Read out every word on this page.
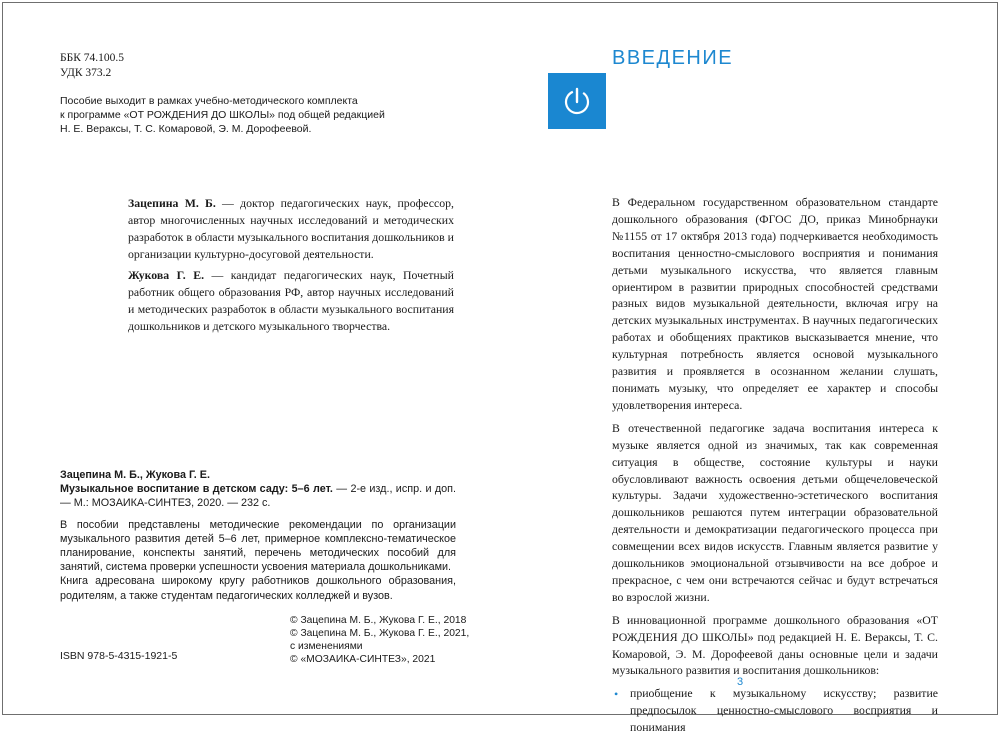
ББК 74.100.5
УДК 373.2
Пособие выходит в рамках учебно-методического комплекта
к программе «ОТ РОЖДЕНИЯ ДО ШКОЛЫ» под общей редакцией
Н. Е. Вераксы, Т. С. Комаровой, Э. М. Дорофеевой.

Зацепина М. Б. — доктор педагогических наук, профессор, автор многочисленных научных исследований и методических разработок в области музыкального воспитания дошкольников и организации культурно-досуговой деятельности.

Жукова Г. Е. — кандидат педагогических наук, Почетный работник общего образования РФ, автор научных исследований и методических разработок в области музыкального воспитания дошкольников и детского музыкального творчества.

Зацепина М. Б., Жукова Г. Е.

Музыкальное воспитание в детском саду: 5–6 лет. — 2-е изд., испр. и доп. — М.: МОЗАИКА-СИНТЕЗ, 2020. — 232 с.

В пособии представлены методические рекомендации по организации музыкального развития детей 5–6 лет, примерное комплексно-тематическое планирование, конспекты занятий, перечень методических пособий для занятий, система проверки успешности усвоения материала дошкольниками.

Книга адресована широкому кругу работников дошкольного образования, родителям, а также студентам педагогических колледжей и вузов.

ISBN 978-5-4315-1921-5
© Зацепина М. Б., Жукова Г. Е., 2018
© Зацепина М. Б., Жукова Г. Е., 2021,
с изменениями
© «МОЗАИКА-СИНТЕЗ», 2021
ВВЕДЕНИЕ

В Федеральном государственном образовательном стандарте дошкольного образования (ФГОС ДО, приказ Минобрнауки №1155 от 17 октября 2013 года) подчеркивается необходимость воспитания ценностно-смыслового восприятия и понимания детьми музыкального искусства, что является главным ориентиром в развитии природных способностей средствами разных видов музыкальной деятельности, включая игру на детских музыкальных инструментах. В научных педагогических работах и обобщениях практиков высказывается мнение, что культурная потребность является основой музыкального развития и проявляется в осознанном желании слушать, понимать музыку, что определяет ее характер и способы удовлетворения интереса.

В отечественной педагогике задача воспитания интереса к музыке является одной из значимых, так как современная ситуация в обществе, состояние культуры и науки обусловливают важность освоения детьми общечеловеческой культуры. Задачи художественно-эстетического воспитания дошкольников решаются путем интеграции образовательной деятельности и демократизации педагогического процесса при совмещении всех видов искусств. Главным является развитие у дошкольников эмоциональной отзывчивости на все доброе и прекрасное, с чем они встречаются сейчас и будут встречаться во взрослой жизни.

В инновационной программе дошкольного образования «ОТ РОЖДЕНИЯ ДО ШКОЛЫ» под редакцией Н. Е. Вераксы, Т. С. Комаровой, Э. М. Дорофеевой даны основные цели и задачи музыкального развития и воспитания дошкольников:

• приобщение к музыкальному искусству; развитие предпосылок ценностно-смыслового восприятия и понимания

3
